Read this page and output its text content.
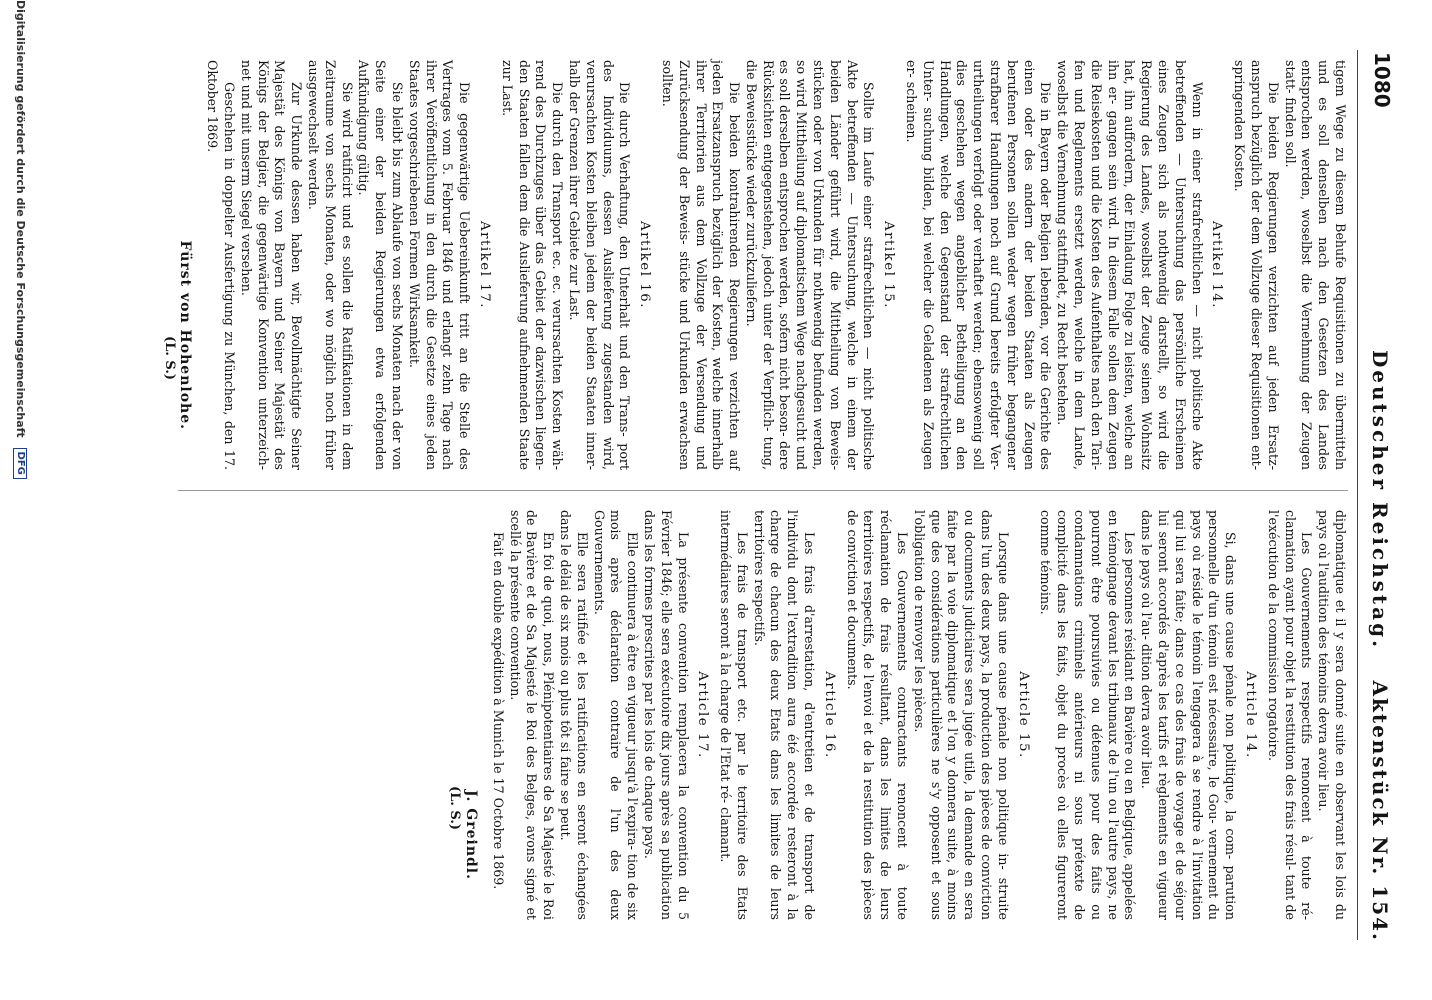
1080
Deutscher Reichstag.
Aktenstück Nr. 154.

tigem Wege zu diesem Behufe Requisitionen zu übermitteln und es soll denselben nach den Gesetzen des Landes entsprochen werden, woselbst die Vernehmung der Zeugen statt- finden soll.

Die beiden Regierungen verzichten auf jeden Ersatz- anspruch bezüglich der dem Vollzuge dieser Requisitionen ent- springenden Kosten.

Artikel 14.

Wenn in einer strafrechtlichen — nicht politische Akte betreffenden — Untersuchung das persönliche Erscheinen eines Zeugen sich als nothwendig darstellt, so wird die Regierung des Landes, woselbst der Zeuge seinen Wohnsitz hat, ihn auffordern, der Einladung Folge zu leisten, welche an ihn er- gangen sein wird. In diesem Falle sollen dem Zeugen die Reisekosten und die Kosten des Aufenthaltes nach den Tari- fen und Reglements ersetzt werden, welche in dem Lande, woselbst die Vernehmung stattfindet, zu Recht bestehen.

Die in Bayern oder Belgien lebenden, vor die Gerichte des einen oder des andern der beiden Staaten als Zeugen berufenen Personen sollen weder wegen früher begangener strafbarer Handlungen noch auf Grund bereits erfolgter Ver- urtheilungen verfolgt oder verhaftet werden; ebensowenig soll dies geschehen wegen angeblicher Betheiligung an den Handlungen, welche den Gegenstand der strafrechtlichen Unter- suchung bilden, bei welcher die Geladenen als Zeugen er- scheinen.

Artikel 15.

Sollte im Laufe einer strafrechtlichen — nicht politische Akte betreffenden — Untersuchung, welche in einem der beiden Länder geführt wird, die Mittheilung von Beweis- stücken oder von Urkunden für nothwendig befunden werden, so wird Mittheilung auf diplomatischem Wege nachgesucht und es soll derselben entsprochen werden, sofern nicht beson- dere Rücksichten entgegenstehen, jedoch unter der Verpflich- tung, die Beweisstücke wieder zurückzuliefern.

Die beiden kontrahirenden Regierungen verzichten auf jeden Ersatzanspruch bezüglich der Kosten, welche innerhalb ihrer Territorien aus dem Vollzuge der Versendung und Zurücksendung der Beweis- stücke und Urkunden erwachsen sollten.

Artikel 16.

Die durch Verhaftung, den Unterhalt und den Trans- port des Individuums, dessen Auslieferung zugestanden wird, verursachten Kosten bleiben jedem der beiden Staaten inner- halb der Grenzen ihrer Gebiete zur Last.

Die durch den Transport ec. ec. verursachten Kosten wäh- rend des Durchzuges über das Gebiet der dazwischen liegen- den Staaten fallen dem die Auslieferung aufnehmenden Staate zur Last.

Artikel 17.

Die gegenwärtige Uebereinkunft tritt an die Stelle des Vertrages vom 5. Februar 1846 und erlangt zehn Tage nach ihrer Veröffentlichung in den durch die Gesetze eines jeden Staates vorgeschriebenen Formen Wirksamkeit.

Sie bleibt bis zum Ablaufe von sechs Monaten nach der von Seite einer der beiden Regierungen etwa erfolgenden Aufkündigung gültig.

Sie wird ratificirt und es sollen die Ratifikationen in dem Zeitraume von sechs Monaten, oder wo möglich noch früher ausgewechselt werden.

Zur Urkunde dessen haben wir, Bevollmächtigte Seiner Majestät des Königs von Bayern und Seiner Majestät des Königs der Belgier, die gegenwärtige Konvention unterzeich- net und mit unserm Siegel versehen.

Geschehen in doppelter Ausfertigung zu München, den 17. Oktober 1869.

Fürst von Hohenlohe.
(L. S.)

diplomatique et il y sera donné suite en observant les lois du pays où l'audition des témoins devra avoir lieu.

Les Gouvernements respectifs renoncent à toute ré- clamation ayant pour objet la restitution des frais résul- tant de l'exécution de la commission rogatoire.

Article 14.

Si, dans une cause pénale non politique, la com- parution personnelle d'un témoin est nécessaire, le Gou- vernement du pays où réside le témoin l'engagera à se rendre à l'invitation qui lui sera faite; dans ce cas des frais de voyage et de séjour lui seront accordés d'après les tarifs et règlements en vigueur dans le pays où l'au- dition devra avoir lieu.

Les personnes résidant en Bavière ou en Belgique, appelées en témoignage devant les tribunaux de l'un ou l'autre pays, ne pourront être poursuivies ou détenues pour des faits ou condamnations criminels antérieurs ni sous prétexte de complicité dans les faits, objet du procès où elles figureront comme témoins.

Article 15.

Lorsque dans une cause pénale non politique in- struite dans l'un des deux pays, la production des pièces de conviction ou documents judiciaires sera jugée utile, la demande en sera faite par la voie diplomatique et l'on y donnera suite, à moins que des considérations particulières ne s'y opposent et sous l'obligation de renvoyer les pièces.

Les Gouvernements contractants renoncent à toute réclamation de frais résultant, dans les limites de leurs territoires respectifs, de l'envoi et de la restitution des pièces de conviction et documents.

Article 16.

Les frais d'arrestation, d'entretien et de transport de l'individu dont l'extradition aura été accordée resteront à la charge de chacun des deux Etats dans les limites de leurs territoires respectifs.

Les frais de transport etc. par le territoire des Etats intermédiaires seront à la charge de l'Etat ré- clamant.

Article 17.

La présente convention remplacera la convention du 5 Février 1846; elle sera exécutoire dix jours après sa publication dans les formes prescrites par les lois de chaque pays.

Elle continuera à être en vigueur jusqu'à l'expira- tion de six mois après déclaration contraire de l'un des deux Gouvernements.

Elle sera ratifiée et les ratifications en seront échangées dans le délai de six mois ou plus tôt si faire se peut.

En foi de quoi, nous, Plénipotentiaires de Sa Majesté le Roi de Bavière et de Sa Majesté le Roi des Belges, avons signé et scellé la présente convention.

Fait en double expédition à Munich le 17 Octobre 1869.

J. Greindl.
(L. S.)
Digitalisierung gefördert durch die Deutsche Forschungsgemeinschaft DFG
